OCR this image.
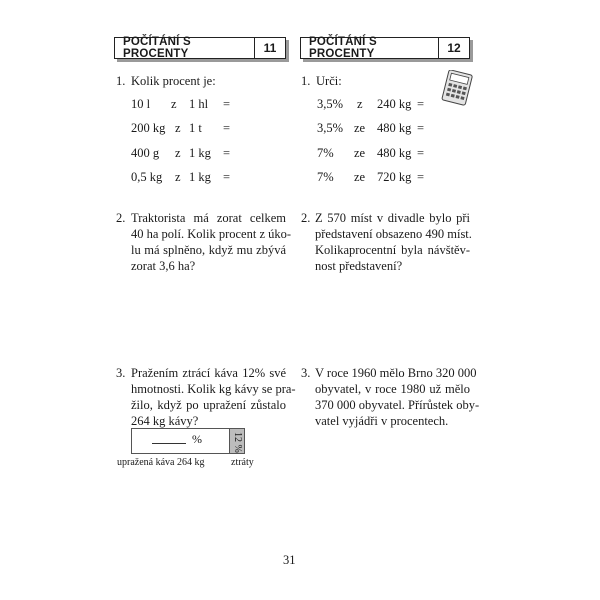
POČÍTÁNÍ S PROCENTY	11	POČÍTÁNÍ S PROCENTY	12
1. Kolik procent je:
10 l z 1 hl =
200 kg z 1 t =
400 g z 1 kg =
0,5 kg z 1 kg =
2. Traktorista má zorat celkem
40 ha polí. Kolik procent z úko-
lu má splněno, když mu zbývá
zorat 3,6 ha?
3. Pražením ztrácí káva 12% své
hmotnosti. Kolik kg kávy se pra-
žilo, když po upražení zůstalo
264 kg kávy?
%	12 %
upražená káva 264 kg	ztráty
1. Urči:
3,5% z 240 kg =
3,5% ze 480 kg =
7% ze 480 kg =
7% ze 720 kg =
2. Z 570 míst v divadle bylo při
představení obsazeno 490 míst.
Kolikaprocentní byla návštěv-
nost představení?
3. V roce 1960 mělo Brno 320 000
obyvatel, v roce 1980 už mělo
370 000 obyvatel. Přírůstek oby-
vatel vyjádři v procentech.
31
